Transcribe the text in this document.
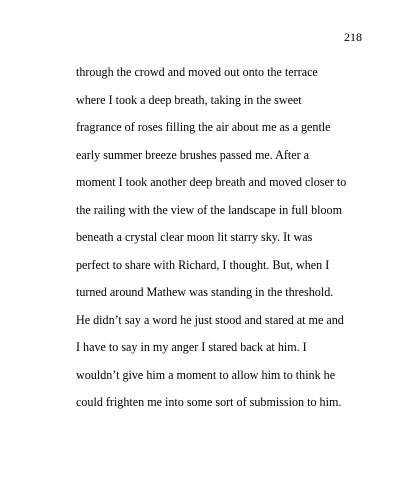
218
through the crowd and moved out onto the terrace
where I took a deep breath, taking in the sweet
fragrance of roses filling the air about me as a gentle
early summer breeze brushes passed me. After a
moment I took another deep breath and moved closer to
the railing with the view of the landscape in full bloom
beneath a crystal clear moon lit starry sky. It was
perfect to share with Richard, I thought. But, when I
turned around Mathew was standing in the threshold.
He didn’t say a word he just stood and stared at me and
I have to say in my anger I stared back at him. I
wouldn’t give him a moment to allow him to think he
could frighten me into some sort of submission to him.
